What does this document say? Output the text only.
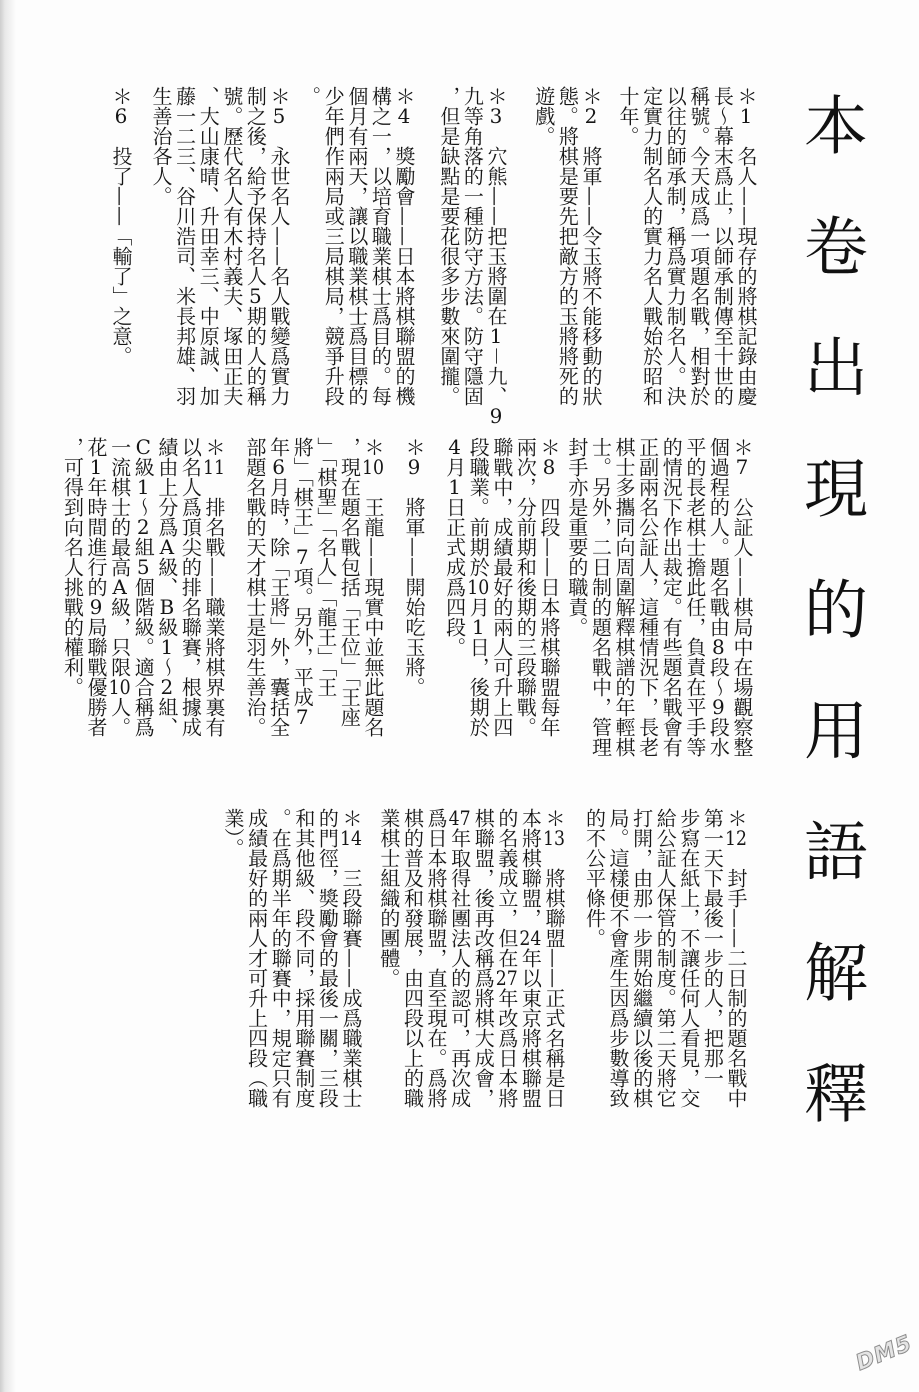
本卷出現的用語解釋
＊1　名人——現存的將棋記錄由慶
長～幕末爲止，以師承制傳至十世的
稱號。今天成爲一項題名戰，相對於
以往的師承制，稱爲實力制名人。決
定實力制名人的實力名人戰始於昭和
十年。
＊2　將軍——令玉將不能移動的狀
態。將棋是要先把敵方的玉將將死的
遊戲。
＊3　穴熊——把玉將圍在1－九、9
九等角落的一種防守方法。防守隱固
，但是缺點是要花很多步數來圍攏。
＊4　獎勵會——日本將棋聯盟的機
構之一，以培育職業棋士爲目的。每
個月有兩天，讓以職業棋士爲目標的
少年們作兩局或三局棋局，競爭升段
。
＊5　永世名人——名人戰變爲實力
制之後，給予保持名人5期的人的稱
號。歷代名人有木村義夫、塚田正夫
、大山康晴、升田幸三、中原誠、加
藤一二三、谷川浩司、米長邦雄、羽
生善治各人。
＊6　投了——「輸了」之意。
＊7　公証人——棋局中在場觀察整
個過程的人。題名戰由8段～9段水
平的長老棋士擔此任，負責在平手等
的情況下作出裁定。有些題名戰會有
正副兩名公証人，這種情況下，長老
棋士多攜同向周圍解釋棋譜的年輕棋
士。另外，二日制的題名戰中，管理
封手亦是重要的職責。
＊8　四段——日本將棋聯盟每年
兩次，分前期和後期的三段聯戰。
聯戰中，成績最好的兩人可升上四
段職業。前期於10月1日，後期於
4月1日正式成爲四段。
＊9　將軍——開始吃玉將。
＊10　王龍——現實中並無此題名
，現在題名戰包括「王位」「王座
」「棋聖」「名人」「龍王」「王
將」「棋王」7項。另外，平成7
年6月時，除「王將」外，囊括全
部題名戰的天才棋士是羽生善治。
＊11　排名戰——職業將棋界裏有
以名人爲頂尖的排名聯賽，根據成
績由上分爲A級、B級1～2組、
C級1～2組5個階級。適合稱爲
一流棋士的最高A級，只限10人。
花1年時間進行的9局聯戰優勝者
，可得到向名人挑戰的權利。
＊12　封手——二日制的題名戰中
第一天下最後一步的人，把那一
步寫在紙上，不讓任何人看見，交
給公証人保管的制度。第二天將它
打開，由那一步開始繼續以後的棋
局。這樣便不會產生因爲步數導致
的不公平條件。
＊13　將棋聯盟——正式名稱是日
本將棋聯盟，24年以東京將棋聯盟
的名義成立，但在27年改爲日本將
棋聯盟，後再改稱爲將棋大成會，
47年取得社團法人的認可，再次成
爲日本將棋聯盟，直至現在。爲將
棋的普及和發展，由四段以上的職
業棋士組織的團體。
＊14　三段聯賽——成爲職業棋士
的門徑，獎勵會的最後一關，三段
和其他級、段不同，採用聯賽制度
。在爲期半年的聯賽中，規定只有
成績最好的兩人才可升上四段（職
業）。
DM5
